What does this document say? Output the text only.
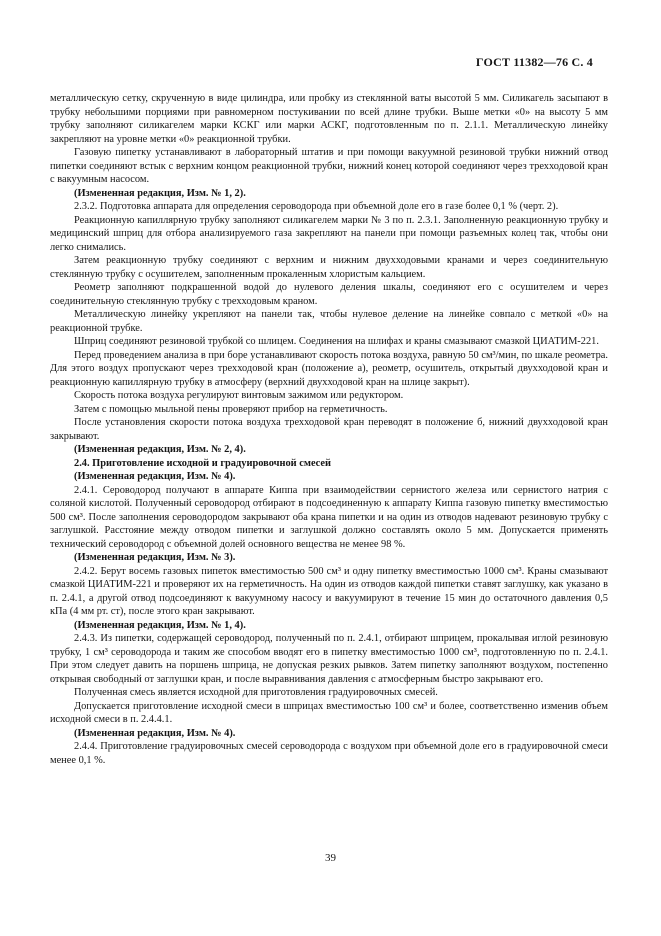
ГОСТ 11382—76 С. 4

металлическую сетку, скрученную в виде цилиндра, или пробку из стеклянной ваты высотой 5 мм. Силикагель засыпают в трубку небольшими порциями при равномерном постукивании по всей длине трубки. Выше метки «0» на высоту 5 мм трубку заполняют силикагелем марки КСКГ или марки АСКГ, подготовленным по п. 2.1.1. Металлическую линейку закрепляют на уровне метки «0» реакционной трубки.

Газовую пипетку устанавливают в лабораторный штатив и при помощи вакуумной резиновой трубки нижний отвод пипетки соединяют встык с верхним концом реакционной трубки, нижний конец которой соединяют через трехходовой кран с вакуумным насосом.

(Измененная редакция, Изм. № 1, 2).

2.3.2. Подготовка аппарата для определения сероводорода при объемной доле его в газе более 0,1 % (черт. 2).

Реакционную капиллярную трубку заполняют силикагелем марки № 3 по п. 2.3.1. Заполненную реакционную трубку и медицинский шприц для отбора анализируемого газа закрепляют на панели при помощи разъемных колец так, чтобы они легко снимались.

Затем реакционную трубку соединяют с верхним и нижним двухходовыми кранами и через соединительную стеклянную трубку с осушителем, заполненным прокаленным хлористым кальцием.

Реометр заполняют подкрашенной водой до нулевого деления шкалы, соединяют его с осушителем и через соединительную стеклянную трубку с трехходовым краном.

Металлическую линейку укрепляют на панели так, чтобы нулевое деление на линейке совпало с меткой «0» на реакционной трубке.

Шприц соединяют резиновой трубкой со шлицем. Соединения на шлифах и краны смазывают смазкой ЦИАТИМ-221.

Перед проведением анализа в при боре устанавливают скорость потока воздуха, равную 50 см³/мин, по шкале реометра. Для этого воздух пропускают через трехходовой кран (положение а), реометр, осушитель, открытый двухходовой кран и реакционную капиллярную трубку в атмосферу (верхний двухходовой кран на шлице закрыт).

Скорость потока воздуха регулируют винтовым зажимом или редуктором.

Затем с помощью мыльной пены проверяют прибор на герметичность.

После установления скорости потока воздуха трехходовой кран переводят в положение б, нижний двухходовой кран закрывают.

(Измененная редакция, Изм. № 2, 4).

2.4. Приготовление исходной и градуировочной смесей

(Измененная редакция, Изм. № 4).

2.4.1. Сероводород получают в аппарате Киппа при взаимодействии сернистого железа или сернистого натрия с соляной кислотой. Полученный сероводород отбирают в подсоединенную к аппарату Киппа газовую пипетку вместимостью 500 см³. После заполнения сероводородом закрывают оба крана пипетки и на один из отводов надевают резиновую трубку с заглушкой. Расстояние между отводом пипетки и заглушкой должно составлять около 5 мм. Допускается применять технический сероводород с объемной долей основного вещества не менее 98 %.

(Измененная редакция, Изм. № 3).

2.4.2. Берут восемь газовых пипеток вместимостью 500 см³ и одну пипетку вместимостью 1000 см³. Краны смазывают смазкой ЦИАТИМ-221 и проверяют их на герметичность. На один из отводов каждой пипетки ставят заглушку, как указано в п. 2.4.1, а другой отвод подсоединяют к вакуумному насосу и вакуумируют в течение 15 мин до остаточного давления 0,5 кПа (4 мм рт. ст), после этого кран закрывают.

(Измененная редакция, Изм. № 1, 4).

2.4.3. Из пипетки, содержащей сероводород, полученный по п. 2.4.1, отбирают шприцем, прокалывая иглой резиновую трубку, 1 см³ сероводорода и таким же способом вводят его в пипетку вместимостью 1000 см³, подготовленную по п. 2.4.1. При этом следует давить на поршень шприца, не допуская резких рывков. Затем пипетку заполняют воздухом, постепенно открывая свободный от заглушки кран, и после выравнивания давления с атмосферным быстро закрывают его.

Полученная смесь является исходной для приготовления градуировочных смесей.

Допускается приготовление исходной смеси в шприцах вместимостью 100 см³ и более, соответственно изменив объем исходной смеси в п. 2.4.4.1.

(Измененная редакция, Изм. № 4).

2.4.4. Приготовление градуировочных смесей сероводорода с воздухом при объемной доле его в градуировочной смеси менее 0,1 %.

39
